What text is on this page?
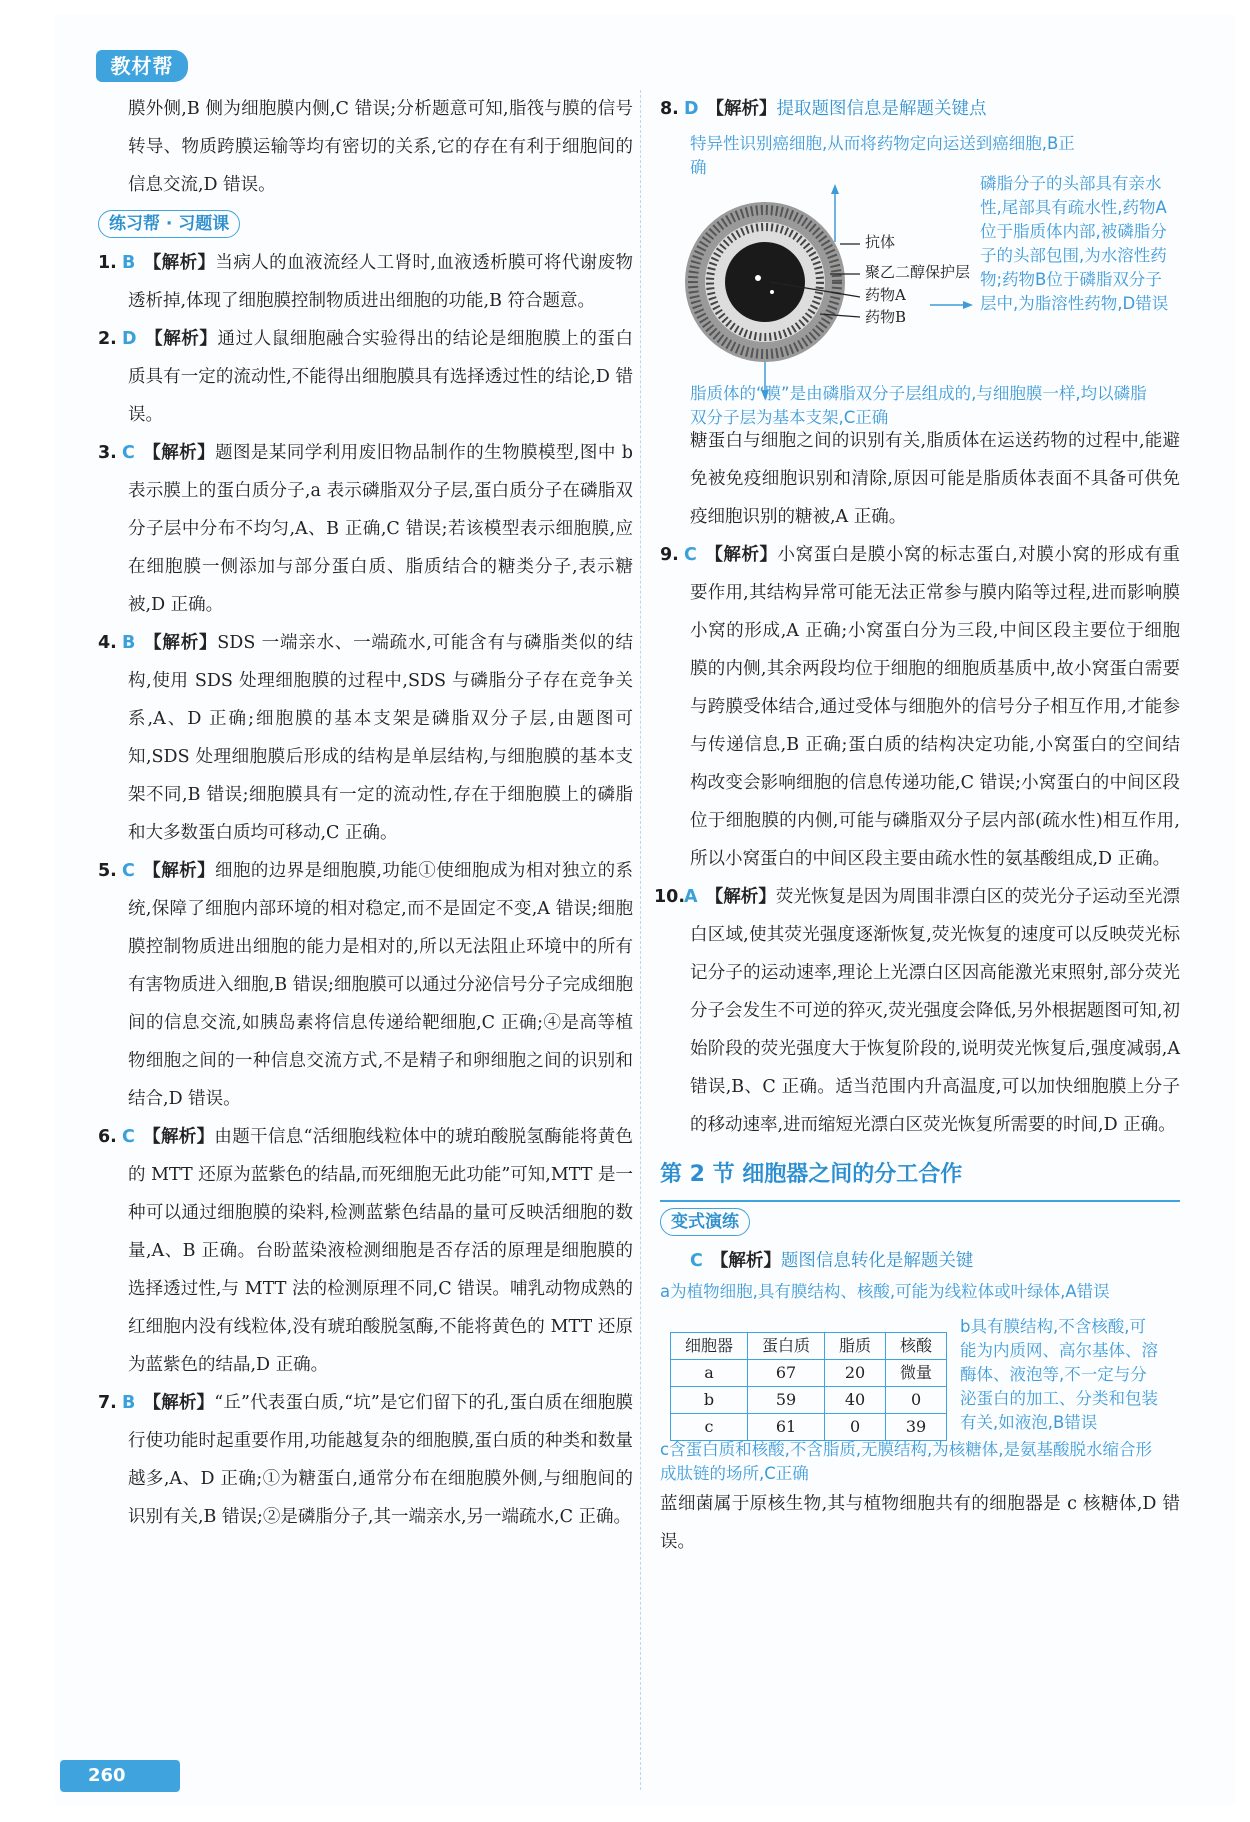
教材帮

膜外侧,B 侧为细胞膜内侧,C 错误;分析题意可知,脂筏与膜的信号转导、物质跨膜运输等均有密切的关系,它的存在有利于细胞间的信息交流,D 错误。

练习帮 · 习题课

1. B 【解析】当病人的血液流经人工肾时,血液透析膜可将代谢废物透析掉,体现了细胞膜控制物质进出细胞的功能,B 符合题意。

2. D 【解析】通过人鼠细胞融合实验得出的结论是细胞膜上的蛋白质具有一定的流动性,不能得出细胞膜具有选择透过性的结论,D 错误。

3. C 【解析】题图是某同学利用废旧物品制作的生物膜模型,图中 b 表示膜上的蛋白质分子,a 表示磷脂双分子层,蛋白质分子在磷脂双分子层中分布不均匀,A、B 正确,C 错误;若该模型表示细胞膜,应在细胞膜一侧添加与部分蛋白质、脂质结合的糖类分子,表示糖被,D 正确。

4. B 【解析】SDS 一端亲水、一端疏水,可能含有与磷脂类似的结构,使用 SDS 处理细胞膜的过程中,SDS 与磷脂分子存在竞争关系,A、D 正确;细胞膜的基本支架是磷脂双分子层,由题图可知,SDS 处理细胞膜后形成的结构是单层结构,与细胞膜的基本支架不同,B 错误;细胞膜具有一定的流动性,存在于细胞膜上的磷脂和大多数蛋白质均可移动,C 正确。

5. C 【解析】细胞的边界是细胞膜,功能①使细胞成为相对独立的系统,保障了细胞内部环境的相对稳定,而不是固定不变,A 错误;细胞膜控制物质进出细胞的能力是相对的,所以无法阻止环境中的所有有害物质进入细胞,B 错误;细胞膜可以通过分泌信号分子完成细胞间的信息交流,如胰岛素将信息传递给靶细胞,C 正确;④是高等植物细胞之间的一种信息交流方式,不是精子和卵细胞之间的识别和结合,D 错误。

6. C 【解析】由题干信息“活细胞线粒体中的琥珀酸脱氢酶能将黄色的 MTT 还原为蓝紫色的结晶,而死细胞无此功能”可知,MTT 是一种可以通过细胞膜的染料,检测蓝紫色结晶的量可反映活细胞的数量,A、B 正确。台盼蓝染液检测细胞是否存活的原理是细胞膜的选择透过性,与 MTT 法的检测原理不同,C 错误。哺乳动物成熟的红细胞内没有线粒体,没有琥珀酸脱氢酶,不能将黄色的 MTT 还原为蓝紫色的结晶,D 正确。

7. B 【解析】“丘”代表蛋白质,“坑”是它们留下的孔,蛋白质在细胞膜行使功能时起重要作用,功能越复杂的细胞膜,蛋白质的种类和数量越多,A、D 正确;①为糖蛋白,通常分布在细胞膜外侧,与细胞间的识别有关,B 错误;②是磷脂分子,其一端亲水,另一端疏水,C 正确。

8. D 【解析】提取题图信息是解题关键点

特异性识别癌细胞,从而将药物定向运送到癌细胞,B正确
抗体
聚乙二醇保护层
药物A
药物B
磷脂分子的头部具有亲水性,尾部具有疏水性,药物A位于脂质体内部,被磷脂分子的头部包围,为水溶性药物;药物B位于磷脂双分子层中,为脂溶性药物,D错误
脂质体的“膜”是由磷脂双分子层组成的,与细胞膜一样,均以磷脂双分子层为基本支架,C正确

糖蛋白与细胞之间的识别有关,脂质体在运送药物的过程中,能避免被免疫细胞识别和清除,原因可能是脂质体表面不具备可供免疫细胞识别的糖被,A 正确。

9. C 【解析】小窝蛋白是膜小窝的标志蛋白,对膜小窝的形成有重要作用,其结构异常可能无法正常参与膜内陷等过程,进而影响膜小窝的形成,A 正确;小窝蛋白分为三段,中间区段主要位于细胞膜的内侧,其余两段均位于细胞的细胞质基质中,故小窝蛋白需要与跨膜受体结合,通过受体与细胞外的信号分子相互作用,才能参与传递信息,B 正确;蛋白质的结构决定功能,小窝蛋白的空间结构改变会影响细胞的信息传递功能,C 错误;小窝蛋白的中间区段位于细胞膜的内侧,可能与磷脂双分子层内部(疏水性)相互作用,所以小窝蛋白的中间区段主要由疏水性的氨基酸组成,D 正确。

10.A 【解析】荧光恢复是因为周围非漂白区的荧光分子运动至光漂白区域,使其荧光强度逐渐恢复,荧光恢复的速度可以反映荧光标记分子的运动速率,理论上光漂白区因高能激光束照射,部分荧光分子会发生不可逆的猝灭,荧光强度会降低,另外根据题图可知,初始阶段的荧光强度大于恢复阶段的,说明荧光恢复后,强度减弱,A 错误,B、C 正确。适当范围内升高温度,可以加快细胞膜上分子的移动速率,进而缩短光漂白区荧光恢复所需要的时间,D 正确。

第 2 节 细胞器之间的分工合作
变式演练

C 【解析】题图信息转化是解题关键

a为植物细胞,具有膜结构、核酸,可能为线粒体或叶绿体,A错误
细胞器	蛋白质	脂质	核酸
a	67	20	微量
b	59	40	0
c	61	0	39
b具有膜结构,不含核酸,可能为内质网、高尔基体、溶酶体、液泡等,不一定与分泌蛋白的加工、分类和包装有关,如液泡,B错误
c含蛋白质和核酸,不含脂质,无膜结构,为核糖体,是氨基酸脱水缩合形成肽链的场所,C正确

蓝细菌属于原核生物,其与植物细胞共有的细胞器是 c 核糖体,D 错误。

260
